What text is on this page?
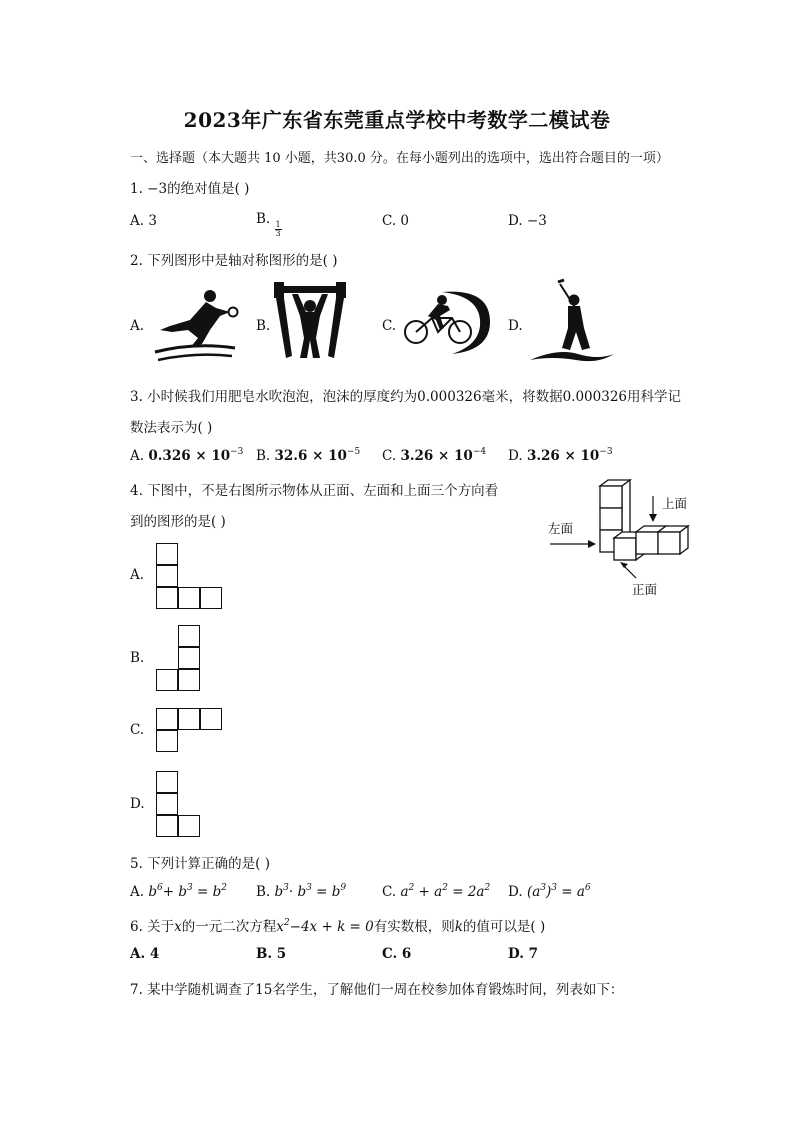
2023年广东省东莞重点学校中考数学二模试卷
一、选择题（本大题共 10 小题，共30.0 分。在每小题列出的选项中，选出符合题目的一项）
1. −3的绝对值是( )
A. 3	B.
$\frac{1}{3}$	C. 0	D. −3
2. 下列图形中是轴对称图形的是( )
A.	B.	C.	D.
3. 小时候我们用肥皂水吹泡泡，泡沫的厚度约为0.000326毫米，将数据0.000326用科学记
数法表示为( )
A. $0.326 \times 10^{-3}$ B. $32.6 \times 10^{-5}$ C. $3.26 \times 10^{-4}$ D. $3.26 \times 10^{-3}$
4. 下图中，不是右图所示物体从正面、左面和上面三个方向看
到的图形的是( )
上面
左面
正面
A.
B.
C.
D.
5. 下列计算正确的是( )
A. $b^6+ b^3 = b^2$ B. $b^3\cdot b^3 = b^9$	C. $a^2 + a^2 = 2a^2$ D. $(a^3)^3 = a^6$
6. 关于x的一元二次方程$x^2-4x + k = 0$有实数根，则k的值可以是( )
A. 4	B. 5	C. 6	D. 7
7. 某中学随机调查了15名学生，了解他们一周在校参加体育锻炼时间，列表如下：
